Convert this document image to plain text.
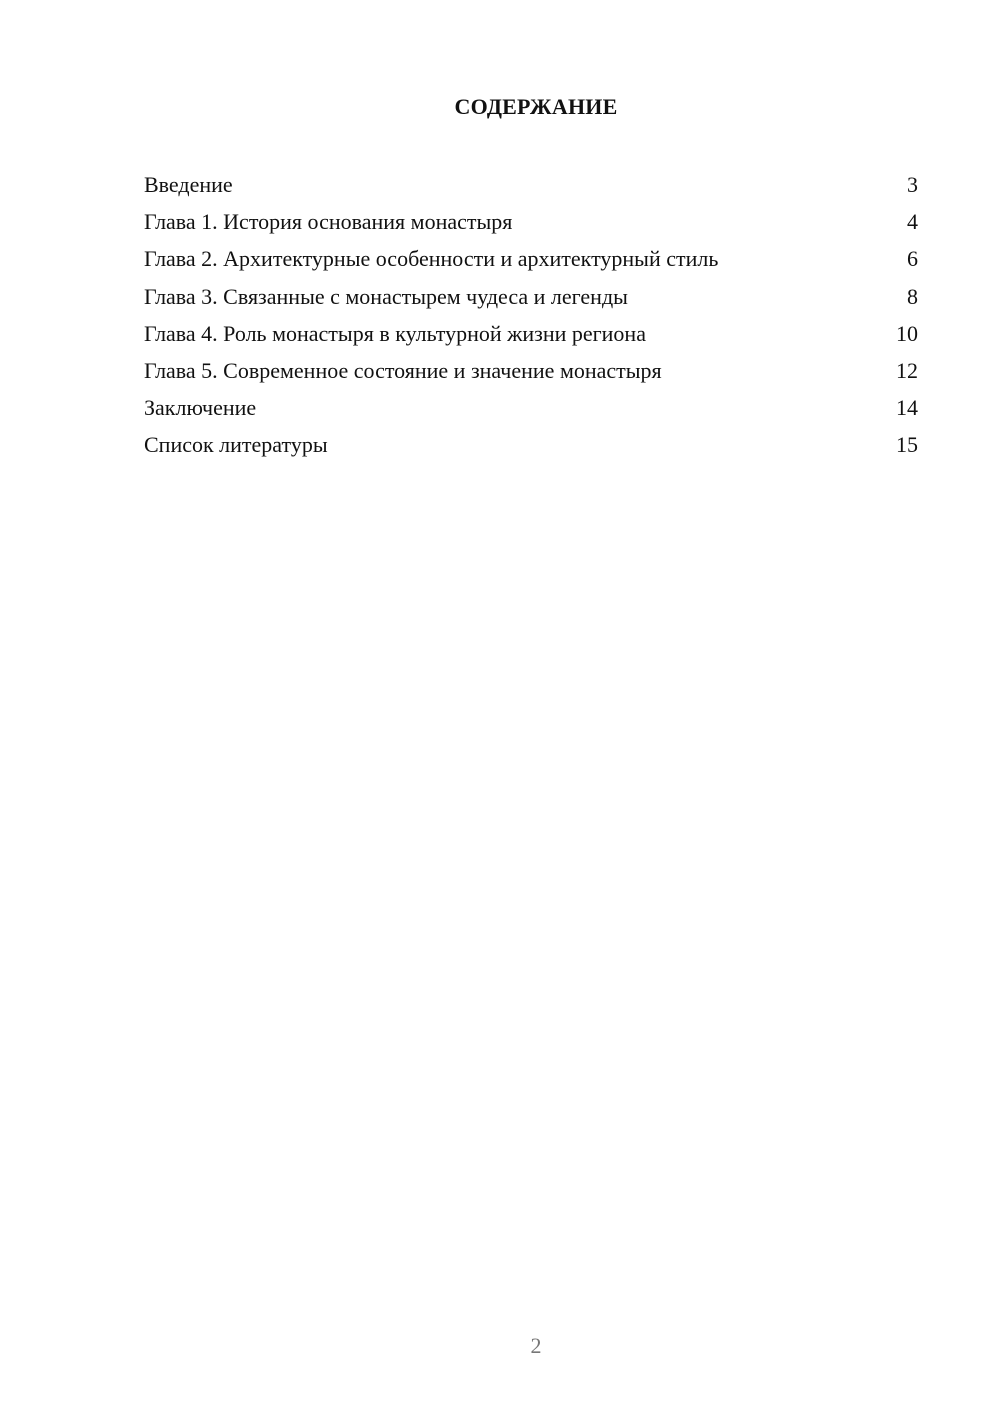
СОДЕРЖАНИЕ
Введение	3
Глава 1. История основания монастыря	4
Глава 2. Архитектурные особенности и архитектурный стиль	6
Глава 3. Связанные с монастырем чудеса и легенды	8
Глава 4. Роль монастыря в культурной жизни региона	10
Глава 5. Современное состояние и значение монастыря	12
Заключение	14
Список литературы	15
2
